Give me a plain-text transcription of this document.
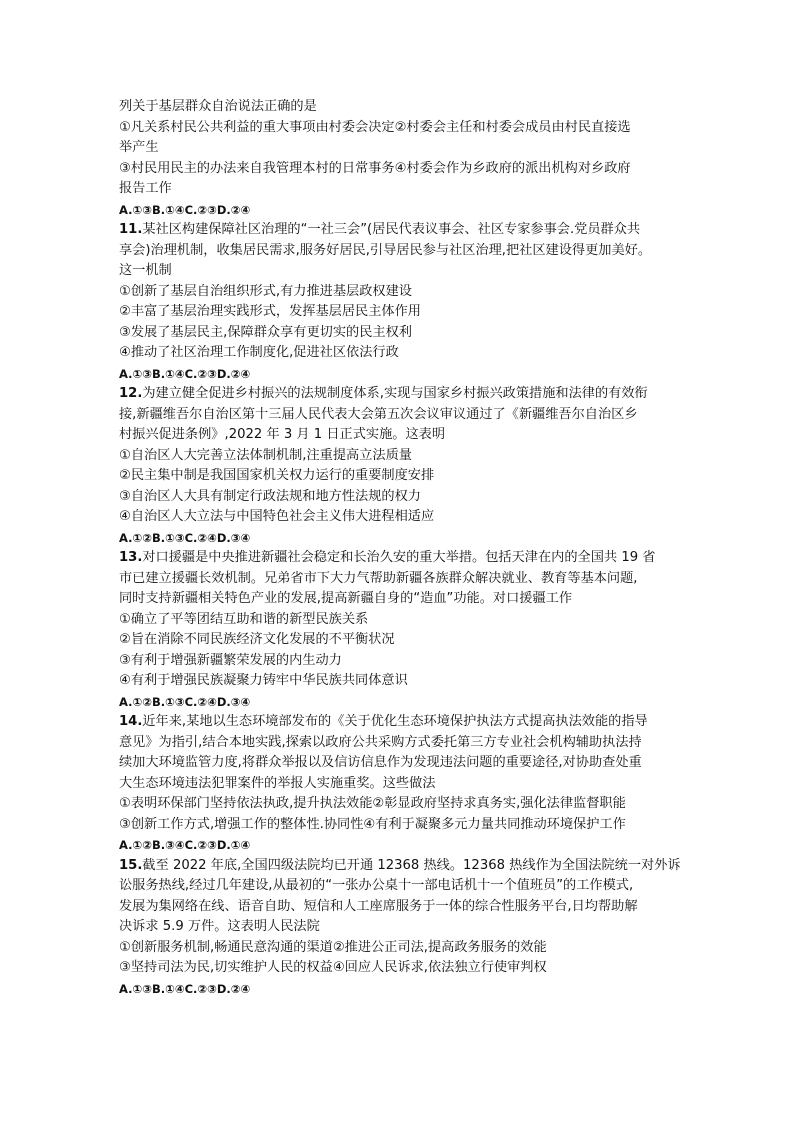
列关于基层群众自治说法正确的是
①凡关系村民公共利益的重大事项由村委会决定②村委会主任和村委会成员由村民直接选
举产生
③村民用民主的办法来自我管理本村的日常事务④村委会作为乡政府的派出机构对乡政府
报告工作
A.①③B.①④C.②③D.②④
11.某社区构建保障社区治理的“一社三会”(居民代表议事会、社区专家参事会.党员群众共
享会)治理机制，收集居民需求,服务好居民,引导居民参与社区治理,把社区建设得更加美好。
这一机制
①创新了基层自治组织形式,有力推进基层政权建设
②丰富了基层治理实践形式，发挥基层居民主体作用
③发展了基层民主,保障群众享有更切实的民主权利
④推动了社区治理工作制度化,促进社区依法行政
A.①③B.①④C.②③D.②④
12.为建立健全促进乡村振兴的法规制度体系,实现与国家乡村振兴政策措施和法律的有效衔
接,新疆维吾尔自治区第十三届人民代表大会第五次会议审议通过了《新疆维吾尔自治区乡
村振兴促进条例》,2022 年 3 月 1 日正式实施。这表明
①自治区人大完善立法体制机制,注重提高立法质量
②民主集中制是我国国家机关权力运行的重要制度安排
③自治区人大具有制定行政法规和地方性法规的权力
④自治区人大立法与中国特色社会主义伟大进程相适应
A.①②B.①③C.②④D.③④
13.对口援疆是中央推进新疆社会稳定和长治久安的重大举措。包括天津在内的全国共 19 省
市已建立援疆长效机制。兄弟省市下大力气帮助新疆各族群众解决就业、教育等基本问题,
同时支持新疆相关特色产业的发展,提高新疆自身的“造血”功能。对口援疆工作
①确立了平等团结互助和谐的新型民族关系
②旨在消除不同民族经济文化发展的不平衡状况
③有利于增强新疆繁荣发展的内生动力
④有利于增强民族凝聚力铸牢中华民族共同体意识
A.①②B.①③C.②④D.③④
14.近年来,某地以生态环境部发布的《关于优化生态环境保护执法方式提高执法效能的指导
意见》为指引,结合本地实践,探索以政府公共采购方式委托第三方专业社会机构辅助执法持
续加大环境监管力度,将群众举报以及信访信息作为发现违法问题的重要途径,对协助查处重
大生态环境违法犯罪案件的举报人实施重奖。这些做法
①表明环保部门坚持依法执政,提升执法效能②彰显政府坚持求真务实,强化法律监督职能
③创新工作方式,增强工作的整体性.协同性④有利于凝聚多元力量共同推动环境保护工作
A.①②B.③④C.②③D.①④
15.截至 2022 年底,全国四级法院均已开通 12368 热线。12368 热线作为全国法院统一对外诉
讼服务热线,经过几年建设,从最初的“一张办公桌十一部电话机十一个值班员”的工作模式,
发展为集网络在线、语音自助、短信和人工座席服务于一体的综合性服务平台,日均帮助解
决诉求 5.9 万件。这表明人民法院
①创新服务机制,畅通民意沟通的渠道②推进公正司法,提高政务服务的效能
③坚持司法为民,切实维护人民的权益④回应人民诉求,依法独立行使审判权
A.①③B.①④C.②③D.②④
